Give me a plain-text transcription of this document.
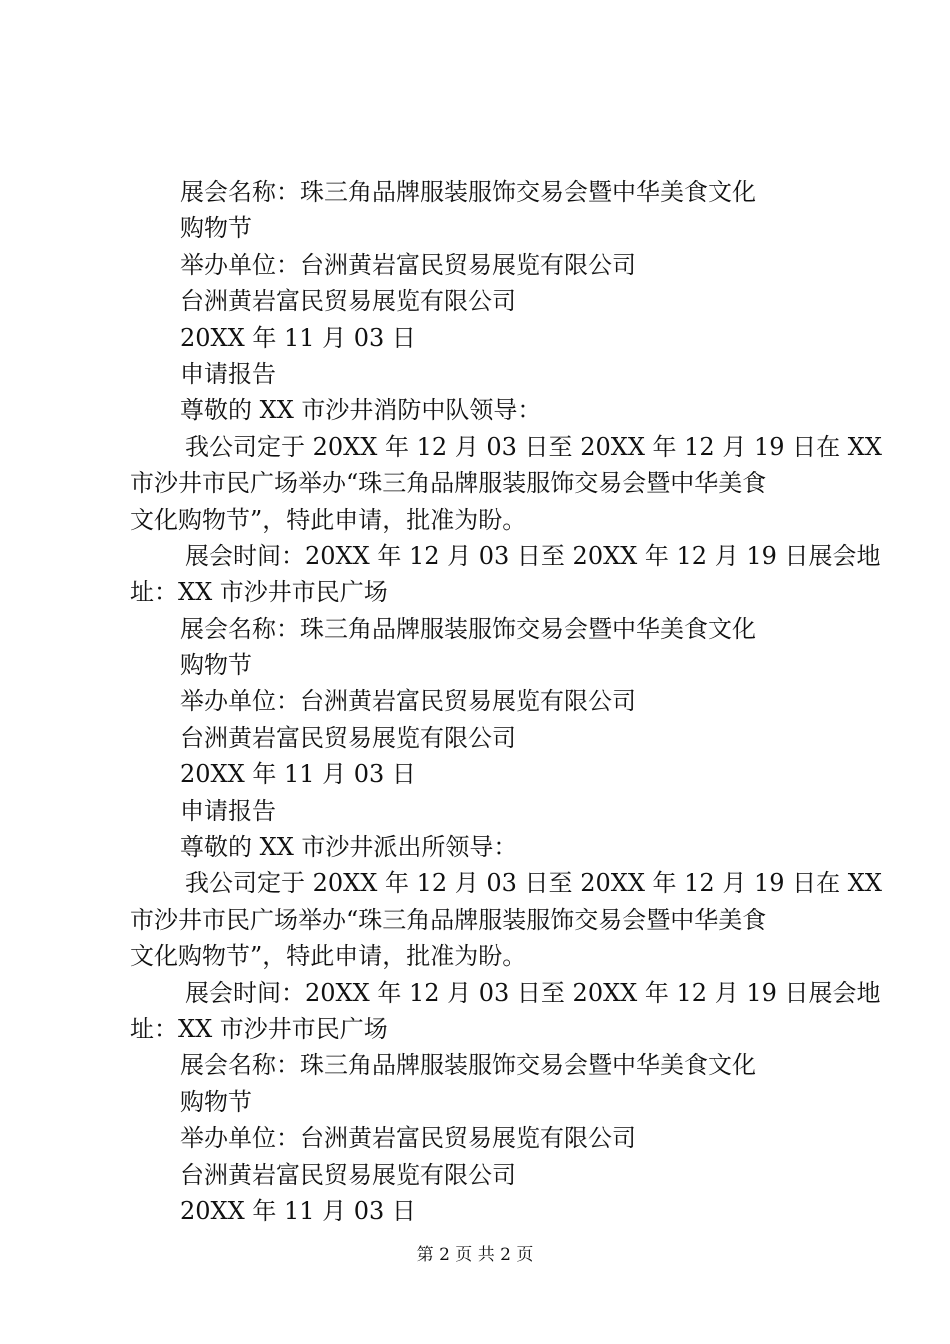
展会名称：珠三角品牌服装服饰交易会暨中华美食文化
购物节
举办单位：台洲黄岩富民贸易展览有限公司
台洲黄岩富民贸易展览有限公司
20XX 年 11 月 03 日
申请报告
尊敬的 XX 市沙井消防中队领导：
我公司定于 20XX 年 12 月 03 日至 20XX 年 12 月 19 日在 XX
市沙井市民广场举办“珠三角品牌服装服饰交易会暨中华美食
文化购物节”，特此申请，批准为盼。
展会时间：20XX 年 12 月 03 日至 20XX 年 12 月 19 日展会地
址：XX 市沙井市民广场
展会名称：珠三角品牌服装服饰交易会暨中华美食文化
购物节
举办单位：台洲黄岩富民贸易展览有限公司
台洲黄岩富民贸易展览有限公司
20XX 年 11 月 03 日
申请报告
尊敬的 XX 市沙井派出所领导：
我公司定于 20XX 年 12 月 03 日至 20XX 年 12 月 19 日在 XX
市沙井市民广场举办“珠三角品牌服装服饰交易会暨中华美食
文化购物节”，特此申请，批准为盼。
展会时间：20XX 年 12 月 03 日至 20XX 年 12 月 19 日展会地
址：XX 市沙井市民广场
展会名称：珠三角品牌服装服饰交易会暨中华美食文化
购物节
举办单位：台洲黄岩富民贸易展览有限公司
台洲黄岩富民贸易展览有限公司
20XX 年 11 月 03 日
第 2 页 共 2 页
